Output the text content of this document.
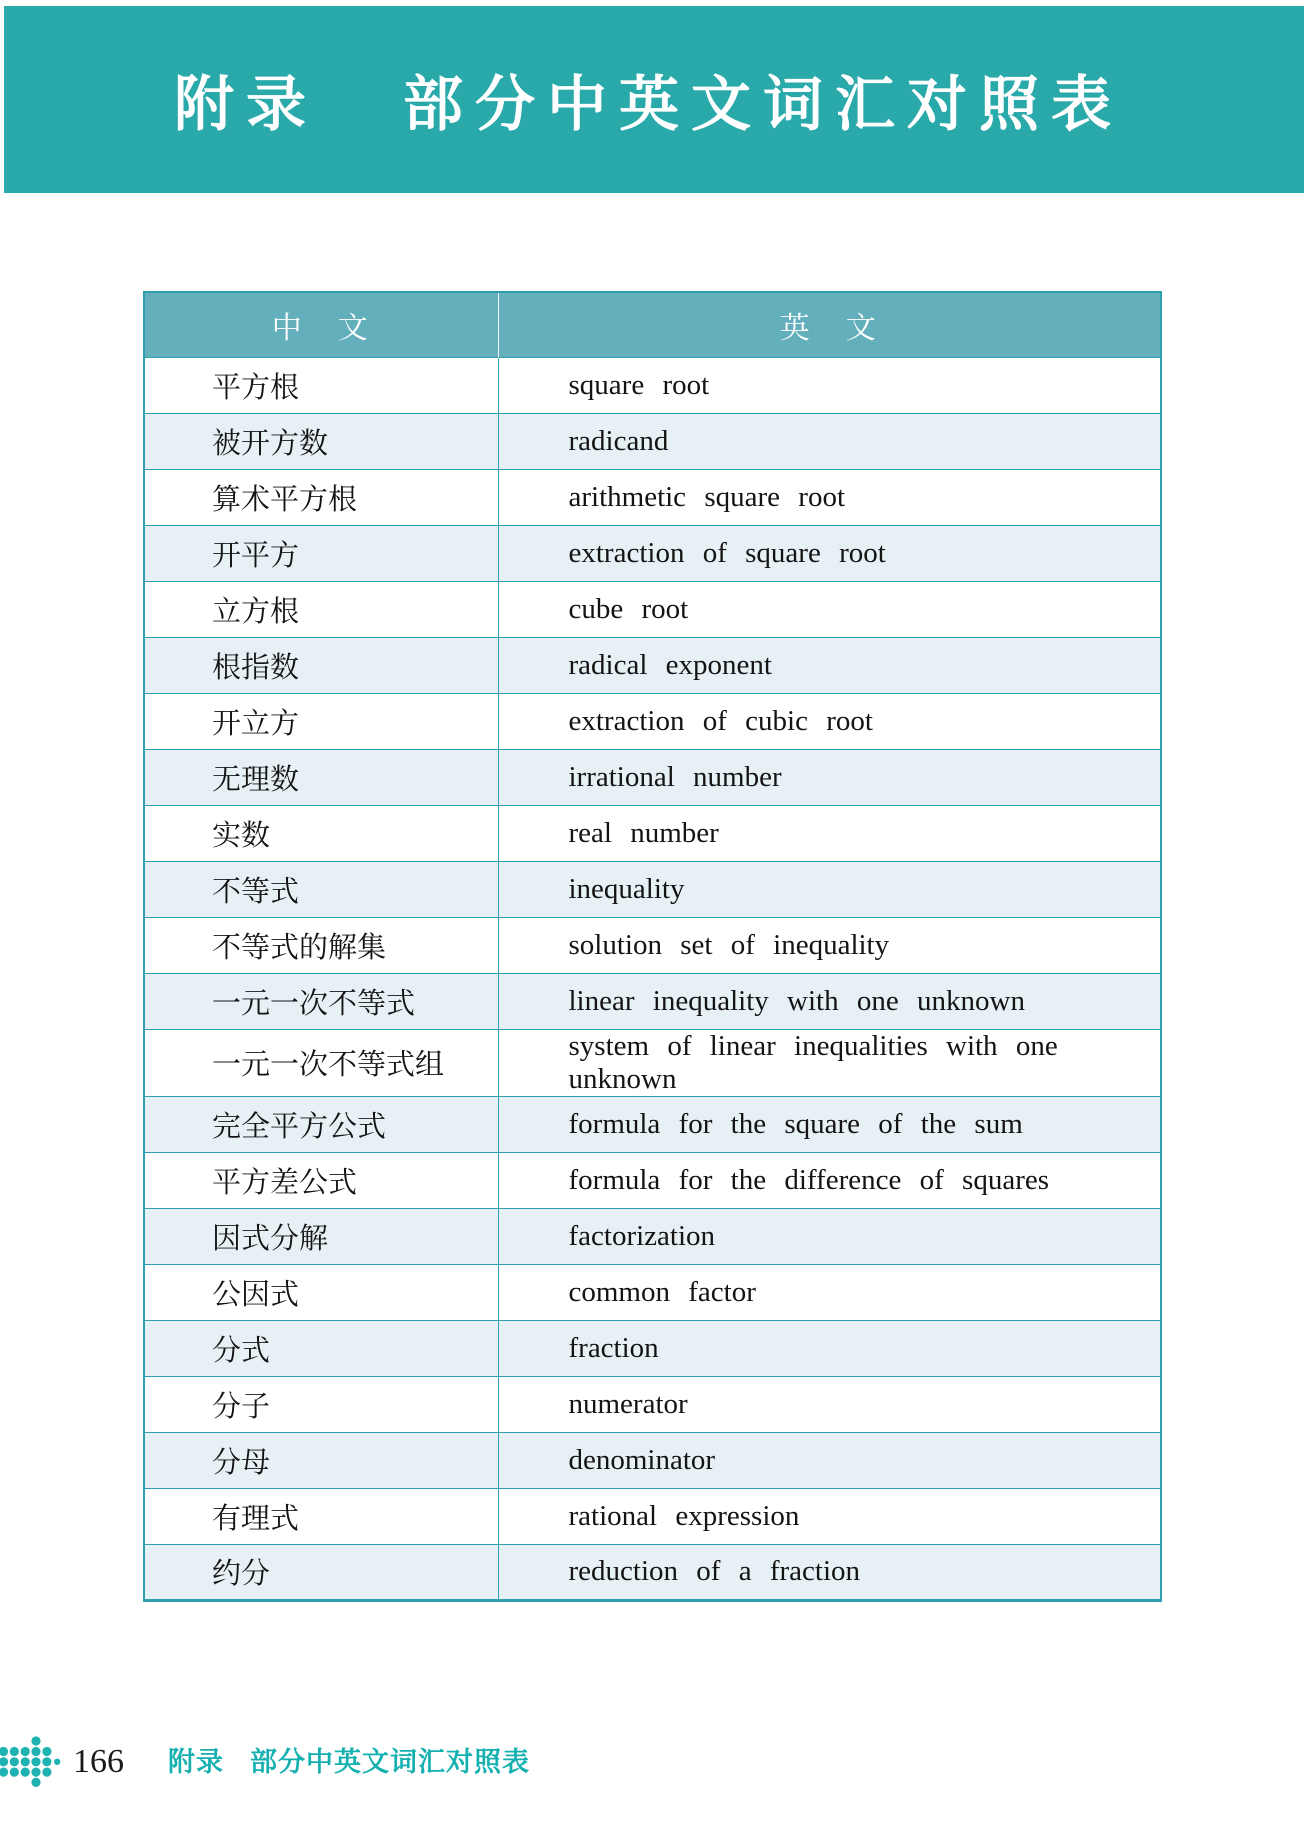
附录 部分中英文词汇对照表
中　文	英　文
平方根	square root
被开方数	radicand
算术平方根	arithmetic square root
开平方	extraction of square root
立方根	cube root
根指数	radical exponent
开立方	extraction of cubic root
无理数	irrational number
实数	real number
不等式	inequality
不等式的解集	solution set of inequality
一元一次不等式	linear inequality with one unknown
一元一次不等式组	system of linear inequalities with one unknown
完全平方公式	formula for the square of the sum
平方差公式	formula for the difference of squares
因式分解	factorization
公因式	common factor
分式	fraction
分子	numerator
分母	denominator
有理式	rational expression
约分	reduction of a fraction
166 附录 部分中英文词汇对照表
